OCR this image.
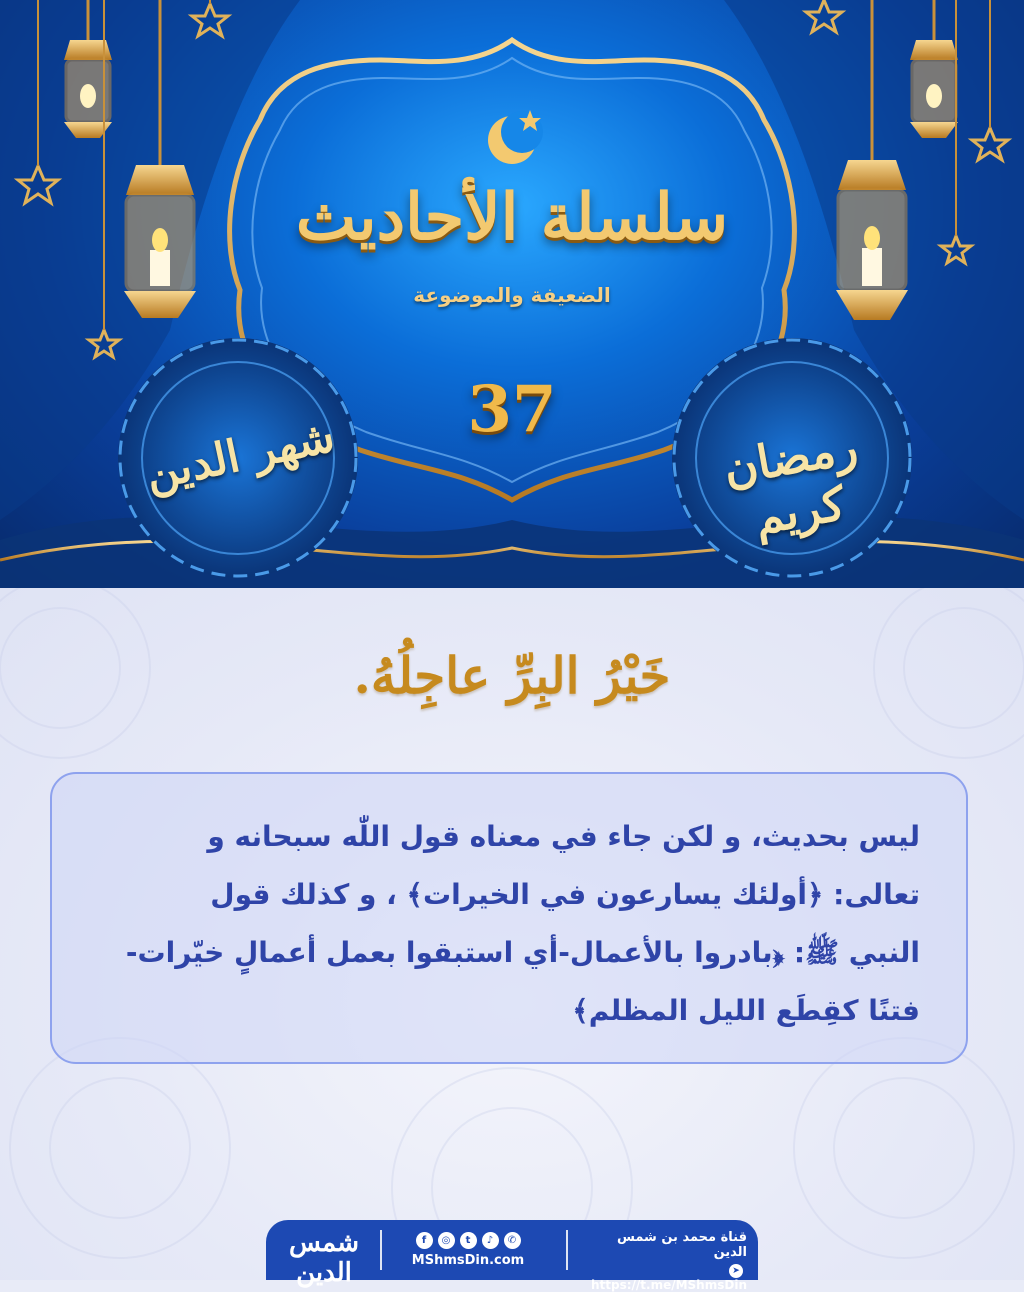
سلسلة الأحاديث
الضعيفة والموضوعة
37
شهر الدين	رمضان كريم
خَيْرُ البِرِّ عاجِلُهُ.

ليس بحديث، و لكن جاء في معناه قول اللّٰه سبحانه و

تعالى: ﴿أولئك يسارعون في الخيرات﴾ ، و كذلك قول

النبي ﷺ: ﴿بادروا بالأعمال-أي استبقوا بعمل أعمالٍ خيّرات-

فتنًا كقِطَع الليل المظلم﴾

شمس الدين
f	◎	t	♪	✆
MShmsDin.com
قناة محمد بن شمس الدين
➤https://t.me/MShmsDin
